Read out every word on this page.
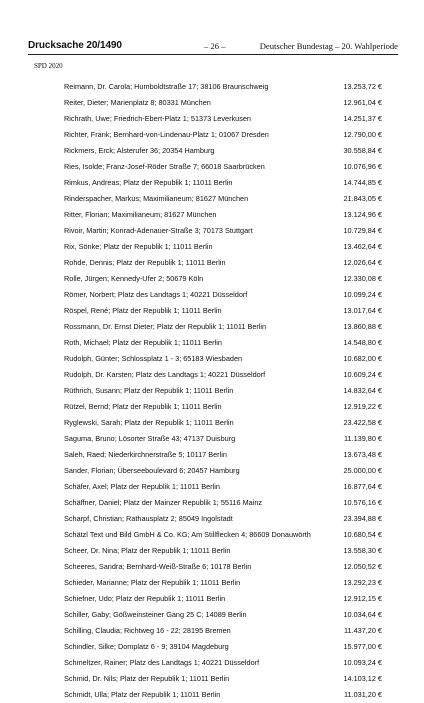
Drucksache 20/1490	– 26 –	Deutscher Bundestag – 20. Wahlperiode
SPD 2020
Reimann, Dr. Carola; Humboldtstraße 17; 38106 Braunschweig	13.253,72 €
Reiter, Dieter; Marienplatz 8; 80331 München	12.961,04 €
Richrath, Uwe; Friedrich-Ebert-Platz 1; 51373 Leverkusen	14.251,37 €
Richter, Frank; Bernhard-von-Lindenau-Platz 1; 01067 Dresden	12.790,00 €
Rickmers, Erck; Alsterufer 36; 20354 Hamburg	30.558,84 €
Ries, Isolde; Franz-Josef-Röder Straße 7; 66018 Saarbrücken	10.076,96 €
Rimkus, Andreas; Platz der Republik 1; 11011 Berlin	14.744,85 €
Rinderspacher, Markus; Maximilianeum; 81627 München	21.843,05 €
Ritter, Florian; Maximilianeum; 81627 München	13.124,96 €
Rivoir, Martin; Konrad-Adenauer-Straße 3; 70173 Stuttgart	10.729,84 €
Rix, Sönke; Platz der Republik 1; 11011 Berlin	13.462,64 €
Rohde, Dennis; Platz der Republik 1; 11011 Berlin	12.026,64 €
Rolle, Jürgen; Kennedy-Ufer 2; 50679 Köln	12.330,08 €
Römer, Norbert; Platz des Landtags 1; 40221 Düsseldorf	10.099,24 €
Röspel, René; Platz der Republik 1; 11011 Berlin	13.017,64 €
Rossmann, Dr. Ernst Dieter; Platz der Republik 1; 11011 Berlin	13.860,88 €
Roth, Michael; Platz der Republik 1; 11011 Berlin	14.548,80 €
Rudolph, Günter; Schlossplatz 1 - 3; 65183 Wiesbaden	10.682,00 €
Rudolph, Dr. Karsten; Platz des Landtags 1; 40221 Düsseldorf	10.609,24 €
Rüthrich, Susann; Platz der Republik 1; 11011 Berlin	14.832,64 €
Rützel, Bernd; Platz der Republik 1; 11011 Berlin	12.919,22 €
Ryglewski, Sarah; Platz der Republik 1; 11011 Berlin	23.422,58 €
Saguma, Bruno; Lösorter Straße 43; 47137 Duisburg	11.139,80 €
Saleh, Raed; Niederkirchnerstraße 5; 10117 Berlin	13.673,48 €
Sander, Florian; Überseeboulevard 6; 20457 Hamburg	25.000,00 €
Schäfer, Axel; Platz der Republik 1; 11011 Berlin	16.877,64 €
Schäffner, Daniel; Platz der Mainzer Republik 1; 55116 Mainz	10.576,16 €
Scharpf, Christian; Rathausplatz 2; 85049 Ingolstadt	23.394,88 €
Schätzl Text und Bild GmbH & Co. KG; Am Stillflecken 4; 86609 Donauwörth	10.680,54 €
Scheer, Dr. Nina; Platz der Republik 1; 11011 Berlin	13.558,30 €
Scheeres, Sandra; Bernhard-Weiß-Straße 6; 10178 Berlin	12.050,52 €
Schieder, Marianne; Platz der Republik 1; 11011 Berlin	13.292,23 €
Schiefner, Udo; Platz der Republik 1; 11011 Berlin	12.912,15 €
Schiller, Gaby; Gößweinsteiner Gang 25 C; 14089 Berlin	10.034,64 €
Schilling, Claudia; Richtweg 16 - 22; 28195 Bremen	11.437,20 €
Schindler, Silke; Domplatz 6 - 9; 39104 Magdeburg	15.977,00 €
Schmeltzer, Rainer; Platz des Landtags 1; 40221 Düsseldorf	10.093,24 €
Schmid, Dr. Nils; Platz der Republik 1; 11011 Berlin	14.103,12 €
Schmidt, Ulla; Platz der Republik 1; 11011 Berlin	11.031,20 €
